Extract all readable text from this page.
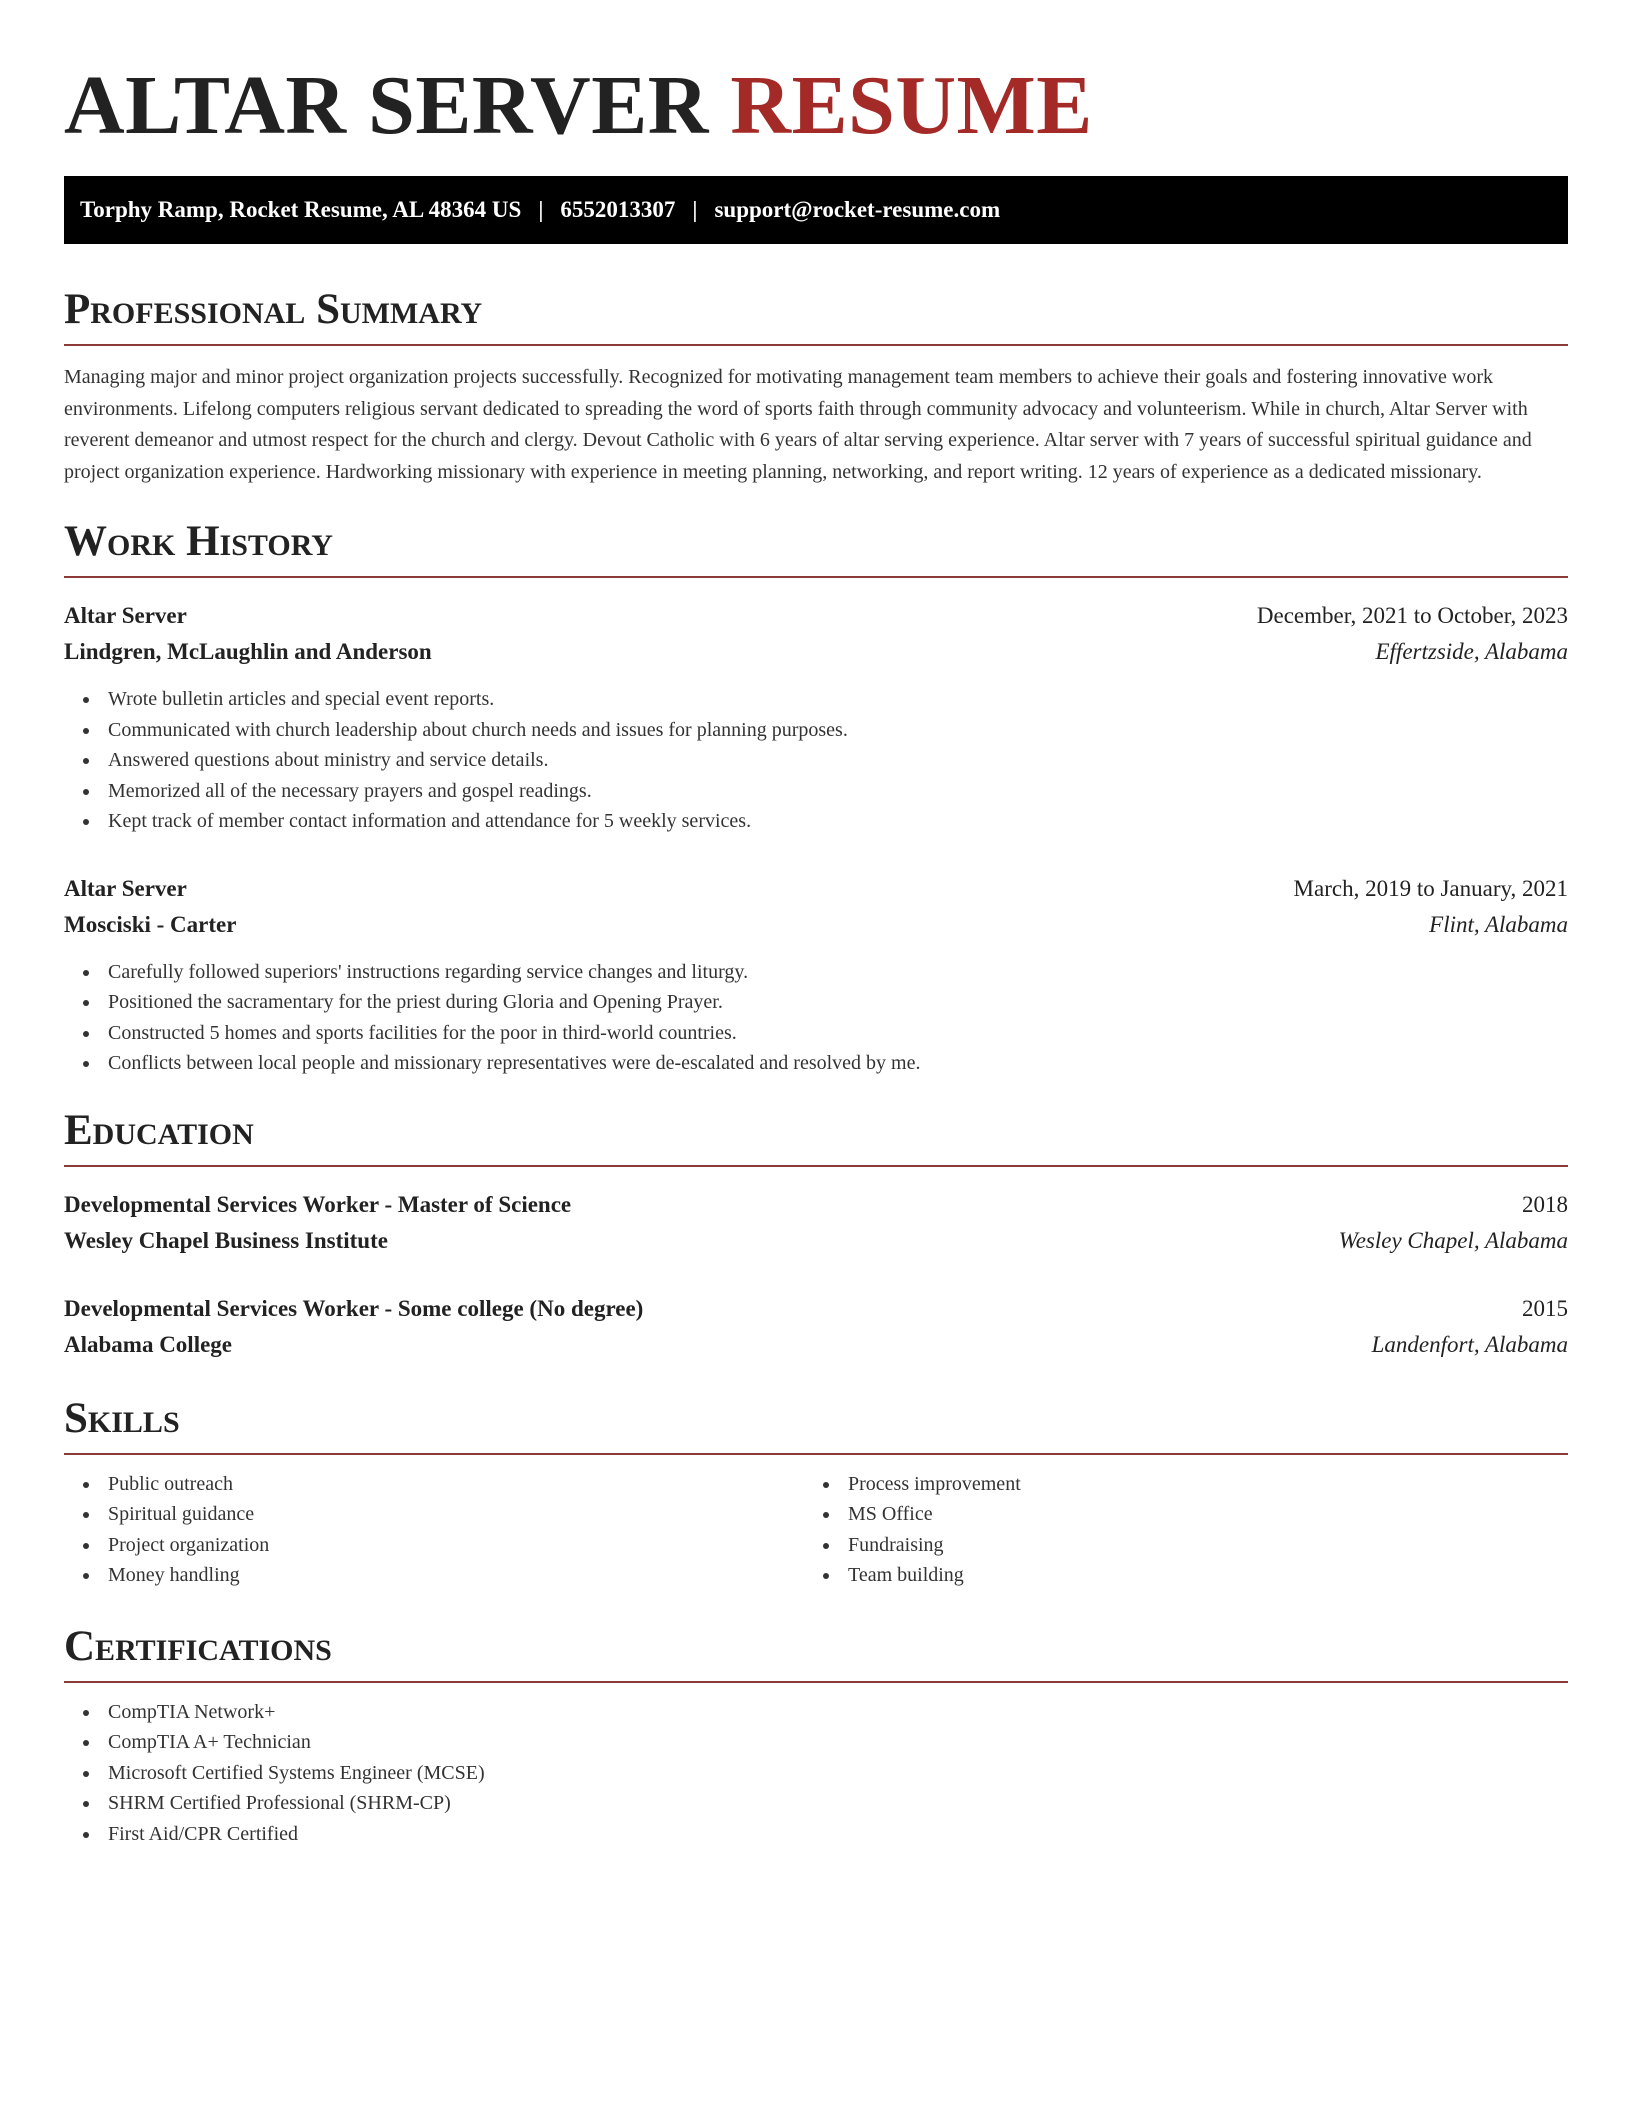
ALTAR SERVER RESUME
Torphy Ramp, Rocket Resume, AL 48364 US | 6552013307 | support@rocket-resume.com
Professional Summary

Managing major and minor project organization projects successfully. Recognized for motivating management team members to achieve their goals and fostering innovative work environments. Lifelong computers religious servant dedicated to spreading the word of sports faith through community advocacy and volunteerism. While in church, Altar Server with reverent demeanor and utmost respect for the church and clergy. Devout Catholic with 6 years of altar serving experience. Altar server with 7 years of successful spiritual guidance and project organization experience. Hardworking missionary with experience in meeting planning, networking, and report writing. 12 years of experience as a dedicated missionary.

Work History
Altar Server	December, 2021 to October, 2023
Lindgren, McLaughlin and Anderson	Effertzside, Alabama
Wrote bulletin articles and special event reports.
Communicated with church leadership about church needs and issues for planning purposes.
Answered questions about ministry and service details.
Memorized all of the necessary prayers and gospel readings.
Kept track of member contact information and attendance for 5 weekly services.
Altar Server	March, 2019 to January, 2021
Mosciski - Carter	Flint, Alabama
Carefully followed superiors' instructions regarding service changes and liturgy.
Positioned the sacramentary for the priest during Gloria and Opening Prayer.
Constructed 5 homes and sports facilities for the poor in third-world countries.
Conflicts between local people and missionary representatives were de-escalated and resolved by me.
Education
Developmental Services Worker - Master of Science	2018
Wesley Chapel Business Institute	Wesley Chapel, Alabama
Developmental Services Worker - Some college (No degree)	2015
Alabama College	Landenfort, Alabama
Skills
Public outreach
Spiritual guidance
Project organization
Money handling
Process improvement
MS Office
Fundraising
Team building
Certifications
CompTIA Network+
CompTIA A+ Technician
Microsoft Certified Systems Engineer (MCSE)
SHRM Certified Professional (SHRM-CP)
First Aid/CPR Certified
